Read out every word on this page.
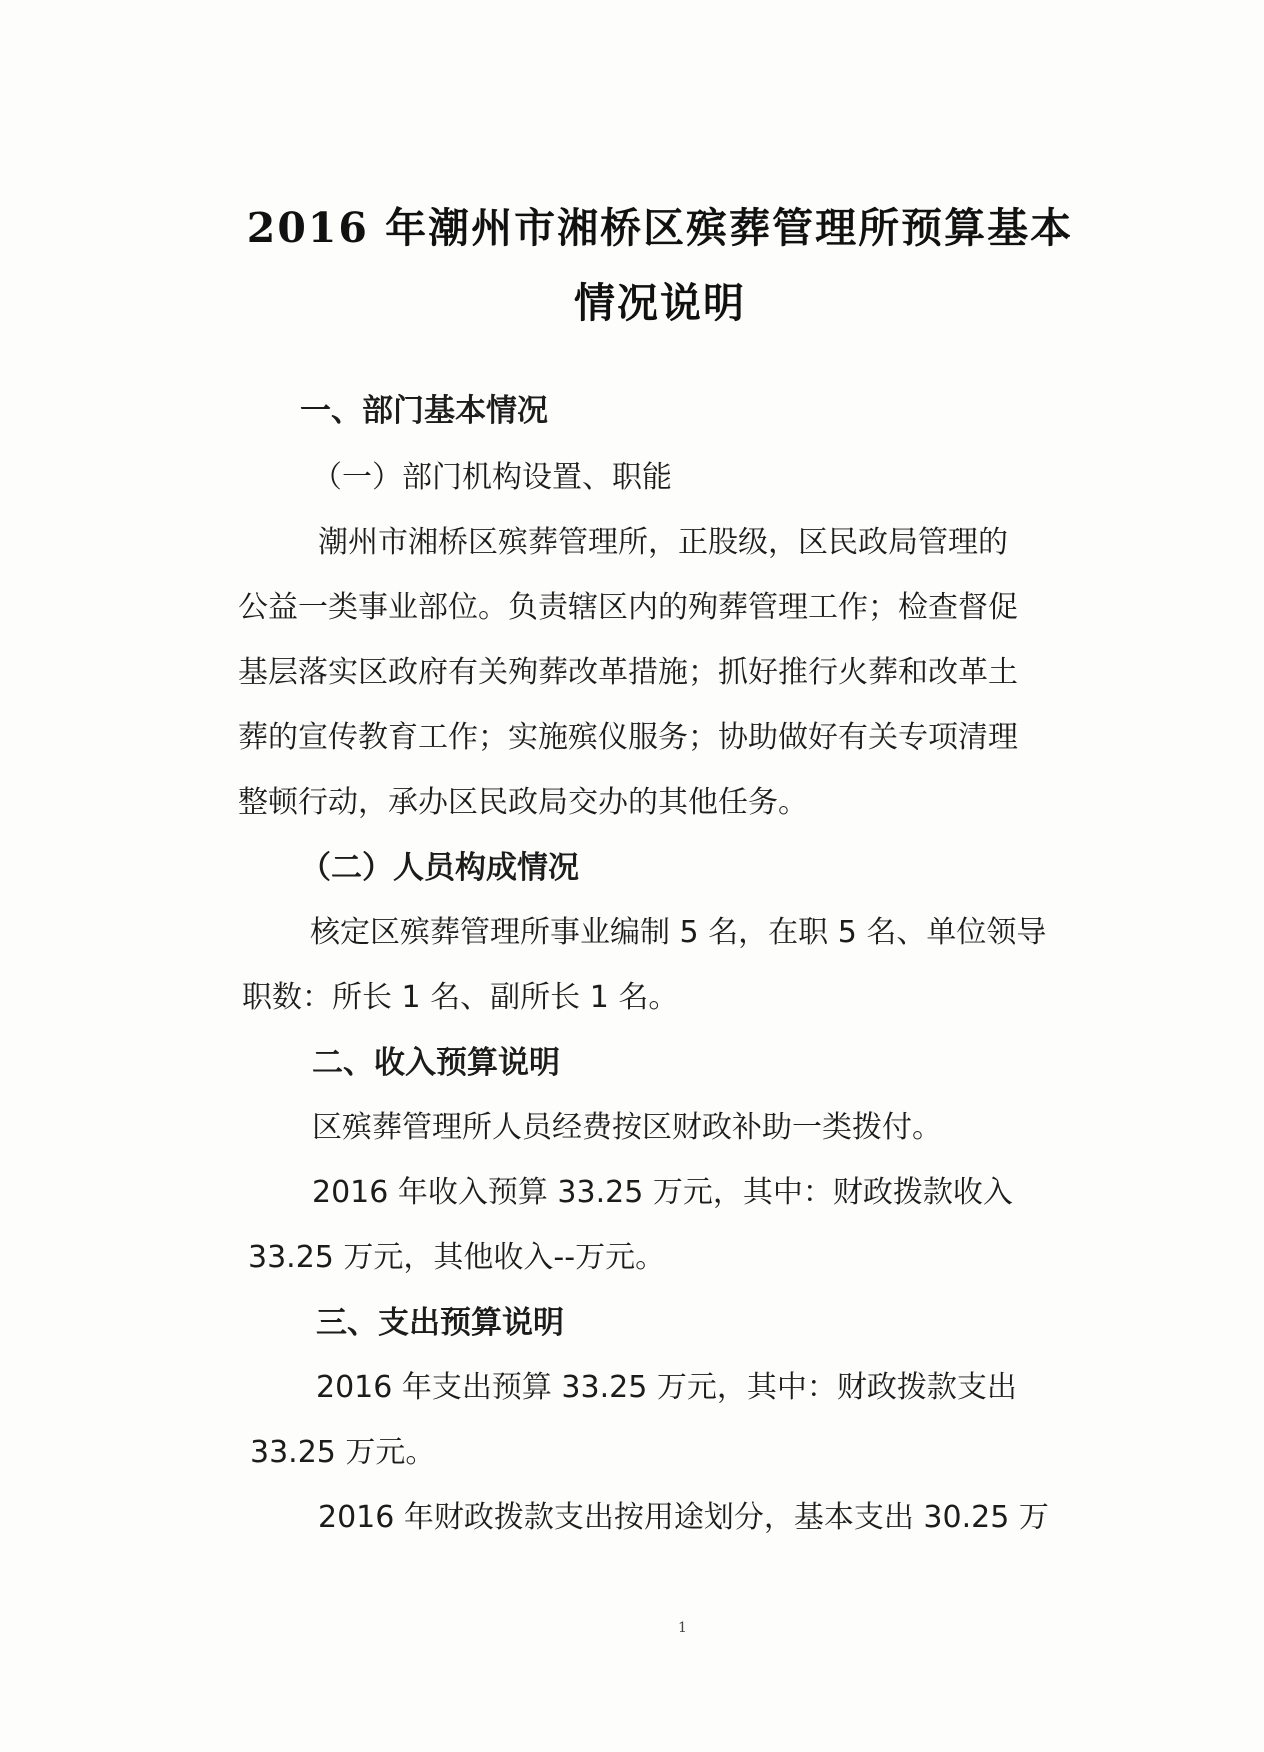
2016 年潮州市湘桥区殡葬管理所预算基本
情况说明

一、部门基本情况

（一）部门机构设置、职能

潮州市湘桥区殡葬管理所，正股级，区民政局管理的

公益一类事业部位。负责辖区内的殉葬管理工作；检查督促

基层落实区政府有关殉葬改革措施；抓好推行火葬和改革土

葬的宣传教育工作；实施殡仪服务；协助做好有关专项清理

整顿行动，承办区民政局交办的其他任务。

（二）人员构成情况

核定区殡葬管理所事业编制 5 名，在职 5 名、单位领导

职数：所长 1 名、副所长 1 名。

二、收入预算说明

区殡葬管理所人员经费按区财政补助一类拨付。

2016 年收入预算 33.25 万元，其中：财政拨款收入

33.25 万元，其他收入--万元。

三、支出预算说明

2016 年支出预算 33.25 万元，其中：财政拨款支出

33.25 万元。

2016 年财政拨款支出按用途划分，基本支出 30.25 万

1
